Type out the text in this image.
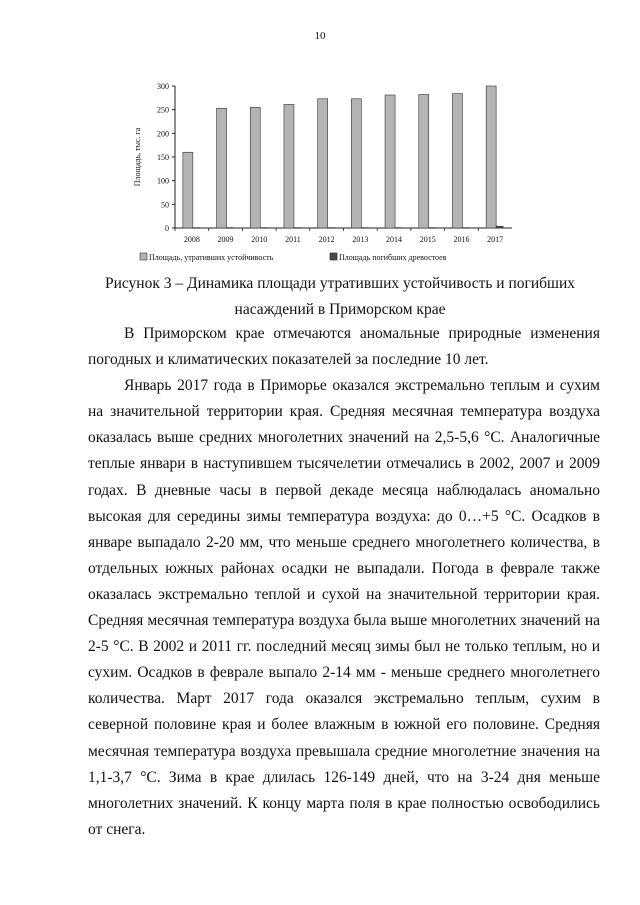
10
0
50
100
150
200
250
300
Площадь, тыс. га
2008 2009 2010 2011 2012 2013 2014 2015 2016 2017
Площадь, утративших устойчивость	Площадь погибших древостоев
Рисунок 3 – Динамика площади утративших устойчивость и погибших
насаждений в Приморском крае

В Приморском крае отмечаются аномальные природные изменения погодных и климатических показателей за последние 10 лет.

Январь 2017 года в Приморье оказался экстремально теплым и сухим на значительной территории края. Средняя месячная температура воздуха оказалась выше средних многолетних значений на 2,5-5,6 °С. Аналогичные теплые январи в наступившем тысячелетии отмечались в 2002, 2007 и 2009 годах. В дневные часы в первой декаде месяца наблюдалась аномально высокая для середины зимы температура воздуха: до 0…+5 °С. Осадков в январе выпадало 2-20 мм, что меньше среднего многолетнего количества, в отдельных южных районах осадки не выпадали. Погода в феврале также оказалась экстремально теплой и сухой на значительной территории края. Средняя месячная температура воздуха была выше многолетних значений на 2-5 °С. В 2002 и 2011 гг. последний месяц зимы был не только теплым, но и сухим. Осадков в феврале выпало 2-14 мм - меньше среднего многолетнего количества. Март 2017 года оказался экстремально теплым, сухим в северной половине края и более влажным в южной его половине. Средняя месячная температура воздуха превышала средние многолетние значения на 1,1-3,7 °С. Зима в крае длилась 126-149 дней, что на 3-24 дня меньше многолетних значений. К концу марта поля в крае полностью освободились от снега.
